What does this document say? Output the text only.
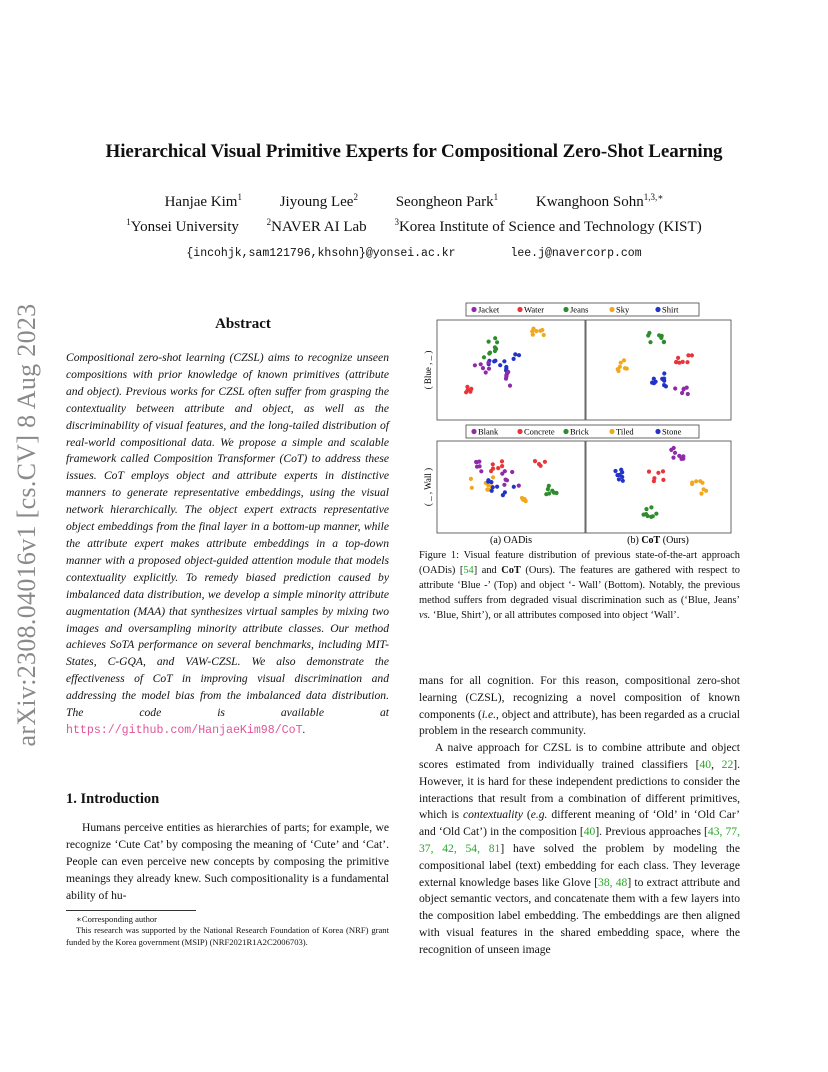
Hierarchical Visual Primitive Experts for Compositional Zero-Shot Learning
Hanjae Kim$^1$	Jiyoung Lee$^2$	Seongheon Park$^1$	Kwanghoon Sohn$^{1,3,∗}$
$^1$Yonsei University	$^2$NAVER AI Lab	$^3$Korea Institute of Science and Technology (KIST)
{incohjk,sam121796,khsohn}@yonsei.ac.kr	lee.j@navercorp.com
arXiv:2308.04016v1 [cs.CV] 8 Aug 2023	Abstract
Compositional zero-shot learning (CZSL) aims to recognize unseen compositions with prior knowledge of known primitives (attribute and object). Previous works for CZSL often suffer from grasping the contextuality between attribute and object, as well as the discriminability of visual features, and the long-tailed distribution of real-world compositional data. We propose a simple and scalable framework called Composition Transformer (CoT) to address these issues. CoT employs object and attribute experts in distinctive manners to generate representative embeddings, using the visual network hierarchically. The object expert extracts representative object embeddings from the final layer in a bottom-up manner, while the attribute expert makes attribute embeddings in a top-down manner with a proposed object-guided attention module that models contextuality explicitly. To remedy biased prediction caused by imbalanced data distribution, we develop a simple minority attribute augmentation (MAA) that synthesizes virtual samples by mixing two images and oversampling minority attribute classes. Our method achieves SoTA performance on several benchmarks, including MIT-States, C-GQA, and VAW-CZSL. We also demonstrate the effectiveness of CoT in improving visual discrimination and addressing the model bias from the imbalanced data distribution. The code is available at https://github.com/HanjaeKim98/CoT.
1. Introduction
Humans perceive entities as hierarchies of parts; for example, we recognize ‘Cute Cat’ by composing the meaning of ‘Cute’ and ‘Cat’. People can even perceive new concepts by composing the primitive meanings they already knew. Such compositionality is a fundamental ability of hu-

∗Corresponding author

This research was supported by the National Research Foundation of Korea (NRF) grant funded by the Korea government (MSIP) (NRF2021R1A2C2006703).

Jacket	Water	Jeans	Sky	Shirt
( Blue , _ )
Blank	Concrete Brick	Tiled	Stone
( _ , Wall )
(a) OADis	(b) CoT (Ours)
Figure 1: Visual feature distribution of previous state-of-the-art approach (OADis) [54] and CoT (Ours). The features are gathered with respect to attribute ‘Blue -’ (Top) and object ‘- Wall’ (Bottom). Notably, the previous method suffers from degraded visual discrimination such as (‘Blue, Jeans’ vs. ‘Blue, Shirt’), or all attributes composed into object ‘Wall’.

mans for all cognition. For this reason, compositional zero-shot learning (CZSL), recognizing a novel composition of known components (i.e., object and attribute), has been regarded as a crucial problem in the research community.

A naive approach for CZSL is to combine attribute and object scores estimated from individually trained classifiers [40, 22]. However, it is hard for these independent predictions to consider the interactions that result from a combination of different primitives, which is contextuality (e.g. different meaning of ‘Old’ in ‘Old Car’ and ‘Old Cat’) in the composition [40]. Previous approaches [43, 77, 37, 42, 54, 81] have solved the problem by modeling the compositional label (text) embedding for each class. They leverage external knowledge bases like Glove [38, 48] to extract attribute and object semantic vectors, and concatenate them with a few layers into the composition label embedding. The embeddings are then aligned with visual features in the shared embedding space, where the recognition of unseen image
